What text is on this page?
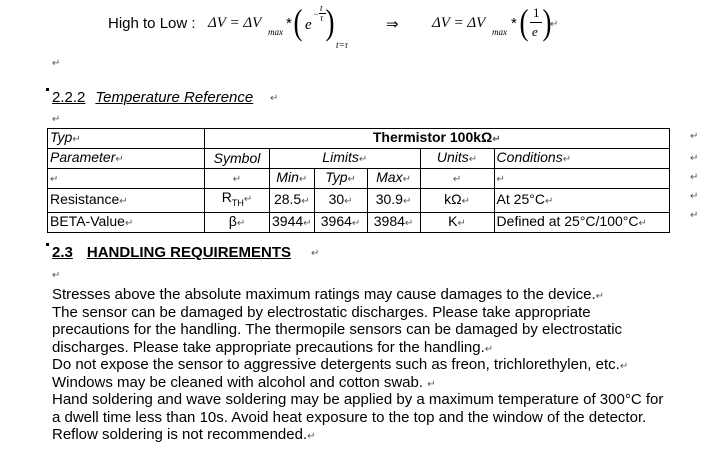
High to Low : ΔV = ΔV
max * ( e
−
t
τ )
t=τ
⇒ ΔV = ΔV
max * ( 1
e )
↵
↵
2.2.2 Temperature Reference ↵
↵
Typ↵	Thermistor 100kΩ↵					
Parameter↵	Symbol	Limits↵			Units↵	Conditions↵
↵	↵	Min↵	Typ↵	Max↵	↵	↵
Resistance↵	$R_{TH}↵$	28.5↵	30↵	30.9↵	kΩ↵	At 25°C↵
BETA-Value↵	β↵	3944↵	3964↵	3984↵	K↵	Defined at 25°C/100°C↵
↵
↵
↵
↵
↵
2.3 HANDLING REQUIREMENTS ↵
↵
Stresses above the absolute maximum ratings may cause damages to the device.↵
The sensor can be damaged by electrostatic discharges. Please take appropriate
precautions for the handling. The thermopile sensors can be damaged by electrostatic
discharges. Please take appropriate precautions for the handling.↵
Do not expose the sensor to aggressive detergents such as freon, trichlorethylen, etc.↵
Windows may be cleaned with alcohol and cotton swab. ↵
Hand soldering and wave soldering may be applied by a maximum temperature of 300°C for
a dwell time less than 10s. Avoid heat exposure to the top and the window of the detector.
Reflow soldering is not recommended.↵
